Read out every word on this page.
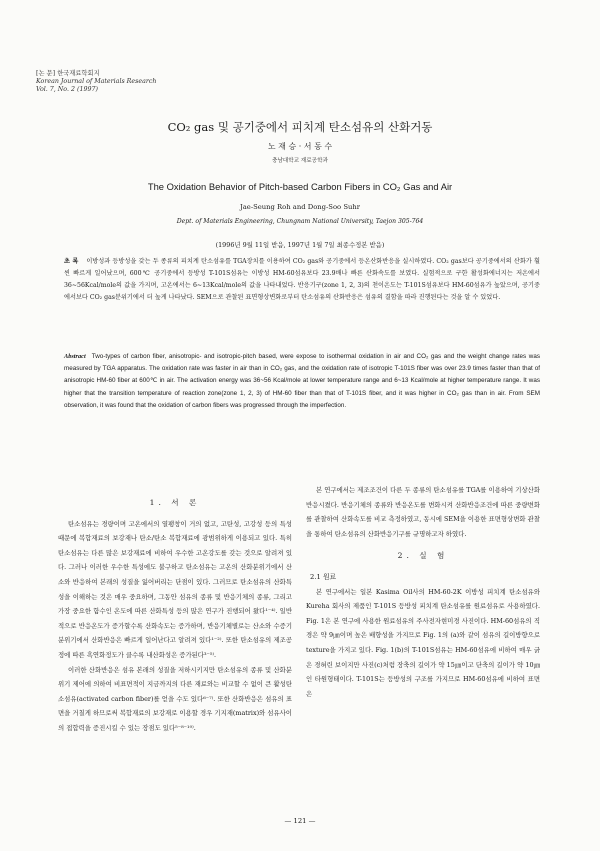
[논 문] 한국재료학회지
Korean Journal of Materials Research
Vol. 7, No. 2 (1997)
CO₂ gas 및 공기중에서 피치계 탄소섬유의 산화거동
노 재 승 · 서 동 수
충남대학교 재료공학과
The Oxidation Behavior of Pitch-based Carbon Fibers in CO₂ Gas and Air
Jae-Seung Roh and Dong-Soo Suhr
Dept. of Materials Engineering, Chungnam National University, Taejon 305-764
(1996년 9월 11일 받음, 1997년 1월 7일 최종수정본 받음)
초 록 이방성과 등방성을 갖는 두 종류의 피치계 탄소섬유를 TGA장치를 이용하여 CO₂ gas와 공기중에서 등온산화반응을 실시하였다. CO₂ gas보다 공기중에서의 산화가 훨씬 빠르게 일어났으며, 600℃ 공기중에서 등방성 T-101S섬유는 이방성 HM-60섬유보다 23.9배나 빠른 산화속도를 보였다. 실험적으로 구한 활성화에너지는 저온에서 36~56Kcal/mole의 값을 가지며, 고온에서는 6~13Kcal/mole의 값을 나타내었다. 반응기구(zone 1, 2, 3)의 천이온도는 T-101S섬유보다 HM-60섬유가 높았으며, 공기중에서보다 CO₂ gas분위기에서 더 높게 나타났다. SEM으로 관찰된 표면형상변화로부터 탄소섬유의 산화반응은 섬유의 결함을 따라 진행된다는 것을 알 수 있었다.
Abstract Two-types of carbon fiber, anisotropic- and isotropic-pitch based, were expose to isothermal oxidation in air and CO₂ gas and the weight change rates was measured by TGA apparatus. The oxidation rate was faster in air than in CO₂ gas, and the oxidation rate of isotropic T-101S fiber was over 23.9 times faster than that of anisotropic HM-60 fiber at 600℃ in air. The activation energy was 36~56 Kcal/mole at lower temperature range and 6~13 Kcal/mole at higher temperature range. It was higher that the transition temperature of reaction zone(zone 1, 2, 3) of HM-60 fiber than that of T-101S fiber, and it was higher in CO₂ gas than in air. From SEM observation, it was found that the oxidation of carbon fibers was progressed through the imperfection.
1. 서 론

탄소섬유는 경량이며 고온에서의 열팽창이 거의 없고, 고탄성, 고강성 등의 특성 때문에 복합재료의 보강재나 탄소/탄소 복합재료에 광범위하게 이용되고 있다. 특히 탄소섬유는 다른 많은 보강재료에 비하여 우수한 고온강도를 갖는 것으로 알려져 있다. 그러나 이러한 우수한 특성에도 불구하고 탄소섬유는 고온의 산화분위기에서 산소와 반응하여 본래의 성질을 잃어버리는 단점이 있다. 그러므로 탄소섬유의 산화특성을 이해하는 것은 매우 중요하며, 그동안 섬유의 종류 및 반응기체의 종류, 그리고 가장 중요한 함수인 온도에 따른 산화특성 등의 많은 연구가 진행되어 왔다¹⁻⁴⁾. 일반적으로 반응온도가 증가할수록 산화속도는 증가하며, 반응기체별로는 산소와 수증기분위기에서 산화반응은 빠르게 일어난다고 알려져 있다¹⁻²⁾. 또한 탄소섬유의 제조공정에 따른 흑연화정도가 클수록 내산화성은 증가된다³⁻⁵⁾.

이러한 산화반응은 섬유 본래의 성질을 저하시키지만 탄소섬유의 종류 및 산화분위기 제어에 의하여 비표면적이 지금까지의 다른 재료와는 비교할 수 없이 큰 활성탄소섬유(activated carbon fiber)를 얻을 수도 있다⁶⁻⁷⁾. 또한 산화반응은 섬유의 표면을 거칠게 하므로써 복합재료의 보강재로 이용할 경우 기지재(matrix)와 섬유사이의 접합력을 증진시킬 수 있는 장점도 있다⁵⁻⁸⁻¹⁰⁾.

본 연구에서는 제조조건이 다른 두 종류의 탄소섬유를 TGA를 이용하여 기상산화반응시켰다. 반응기체의 종류와 반응온도를 변화시켜 산화반응조건에 따른 중량변화를 관찰하여 산화속도를 비교 측정하였고, 동시에 SEM을 이용한 표면형상변화 관찰을 통하여 탄소섬유의 산화반응기구를 규명하고자 하였다.

2. 실 험
2.1 원료

본 연구에서는 일본 Kasima Oil사의 HM-60-2K 이방성 피치계 탄소섬유와 Kureha 회사의 제품인 T-101S 등방성 피치계 탄소섬유를 원료섬유로 사용하였다. Fig. 1은 본 연구에 사용한 원료섬유의 주사전자현미경 사진이다. HM-60섬유의 직경은 약 9㎛이며 높은 배향성을 가지므로 Fig. 1의 (a)와 같이 섬유의 길이방향으로 texture을 가지고 있다. Fig. 1(b)의 T-101S섬유는 HM-60섬유에 비하여 매우 긁은 경혀린 보이지만 사진(c)처럼 장축의 길이가 약 15㎛이고 단축의 길이가 약 10㎛인 타원형태이다. T-101S는 등방성의 구조를 가지므로 HM-60섬유에 비하여 표면은

— 121 —
